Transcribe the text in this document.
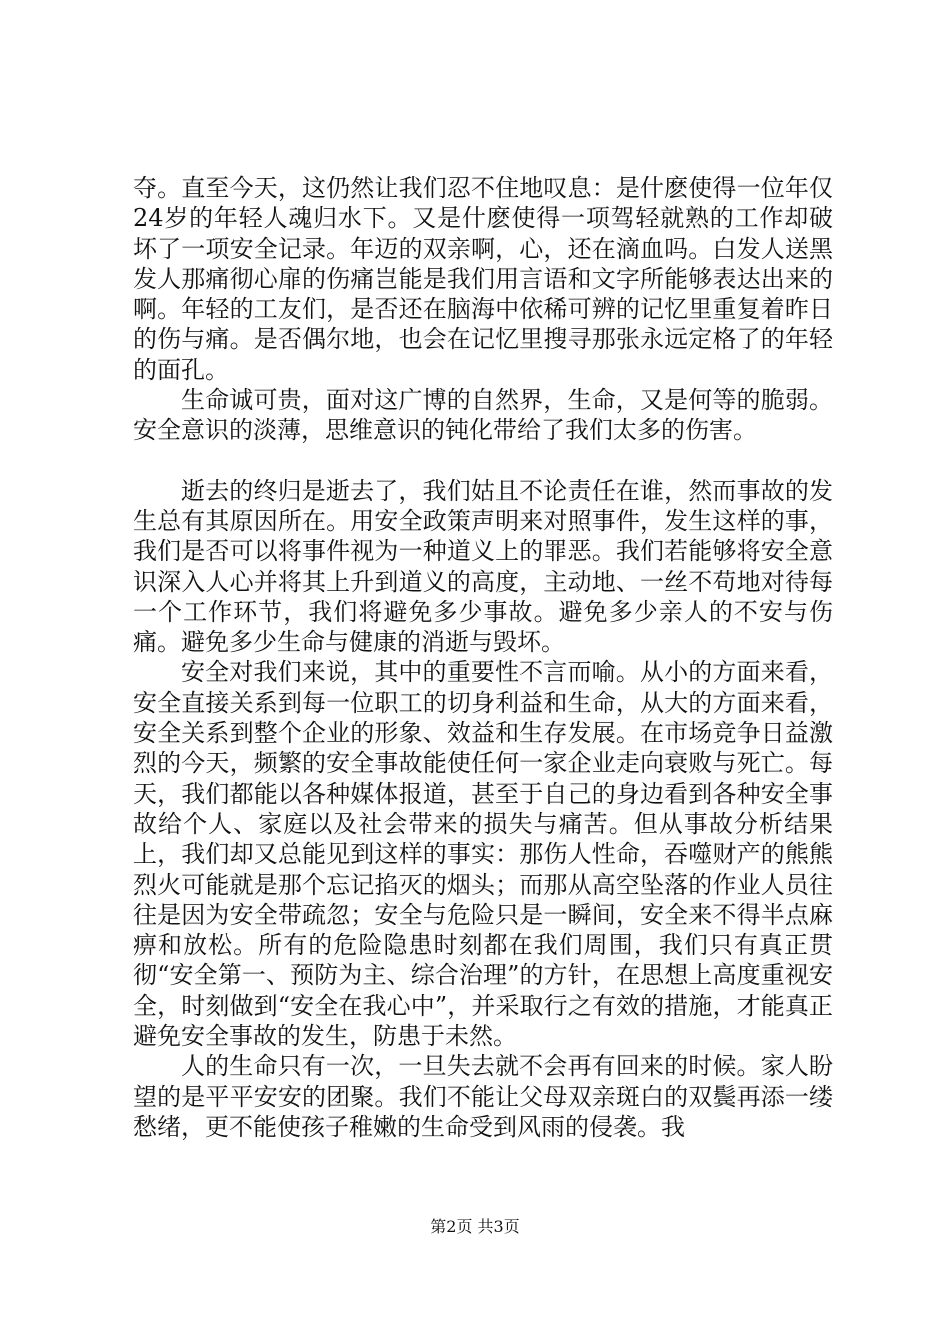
夺。直至今天，这仍然让我们忍不住地叹息：是什麽使得一位年仅24岁的年轻人魂归水下。又是什麽使得一项驾轻就熟的工作却破坏了一项安全记录。年迈的双亲啊，心，还在滴血吗。白发人送黑发人那痛彻心扉的伤痛岂能是我们用言语和文字所能够表达出来的啊。年轻的工友们，是否还在脑海中依稀可辨的记忆里重复着昨日的伤与痛。是否偶尔地，也会在记忆里搜寻那张永远定格了的年轻的面孔。

生命诚可贵，面对这广博的自然界，生命，又是何等的脆弱。安全意识的淡薄，思维意识的钝化带给了我们太多的伤害。

逝去的终归是逝去了，我们姑且不论责任在谁，然而事故的发生总有其原因所在。用安全政策声明来对照事件，发生这样的事，我们是否可以将事件视为一种道义上的罪恶。我们若能够将安全意识深入人心并将其上升到道义的高度，主动地、一丝不苟地对待每一个工作环节，我们将避免多少事故。避免多少亲人的不安与伤痛。避免多少生命与健康的消逝与毁坏。

安全对我们来说，其中的重要性不言而喻。从小的方面来看，安全直接关系到每一位职工的切身利益和生命，从大的方面来看，安全关系到整个企业的形象、效益和生存发展。在市场竞争日益激烈的今天，频繁的安全事故能使任何一家企业走向衰败与死亡。每天，我们都能以各种媒体报道，甚至于自己的身边看到各种安全事故给个人、家庭以及社会带来的损失与痛苦。但从事故分析结果上，我们却又总能见到这样的事实：那伤人性命，吞噬财产的熊熊烈火可能就是那个忘记掐灭的烟头；而那从高空坠落的作业人员往往是因为安全带疏忽；安全与危险只是一瞬间，安全来不得半点麻痹和放松。所有的危险隐患时刻都在我们周围，我们只有真正贯彻“安全第一、预防为主、综合治理”的方针，在思想上高度重视安全，时刻做到“安全在我心中”，并采取行之有效的措施，才能真正避免安全事故的发生，防患于未然。

人的生命只有一次，一旦失去就不会再有回来的时候。家人盼望的是平平安安的团聚。我们不能让父母双亲斑白的双鬓再添一缕愁绪，更不能使孩子稚嫩的生命受到风雨的侵袭。我

第2页 共3页
